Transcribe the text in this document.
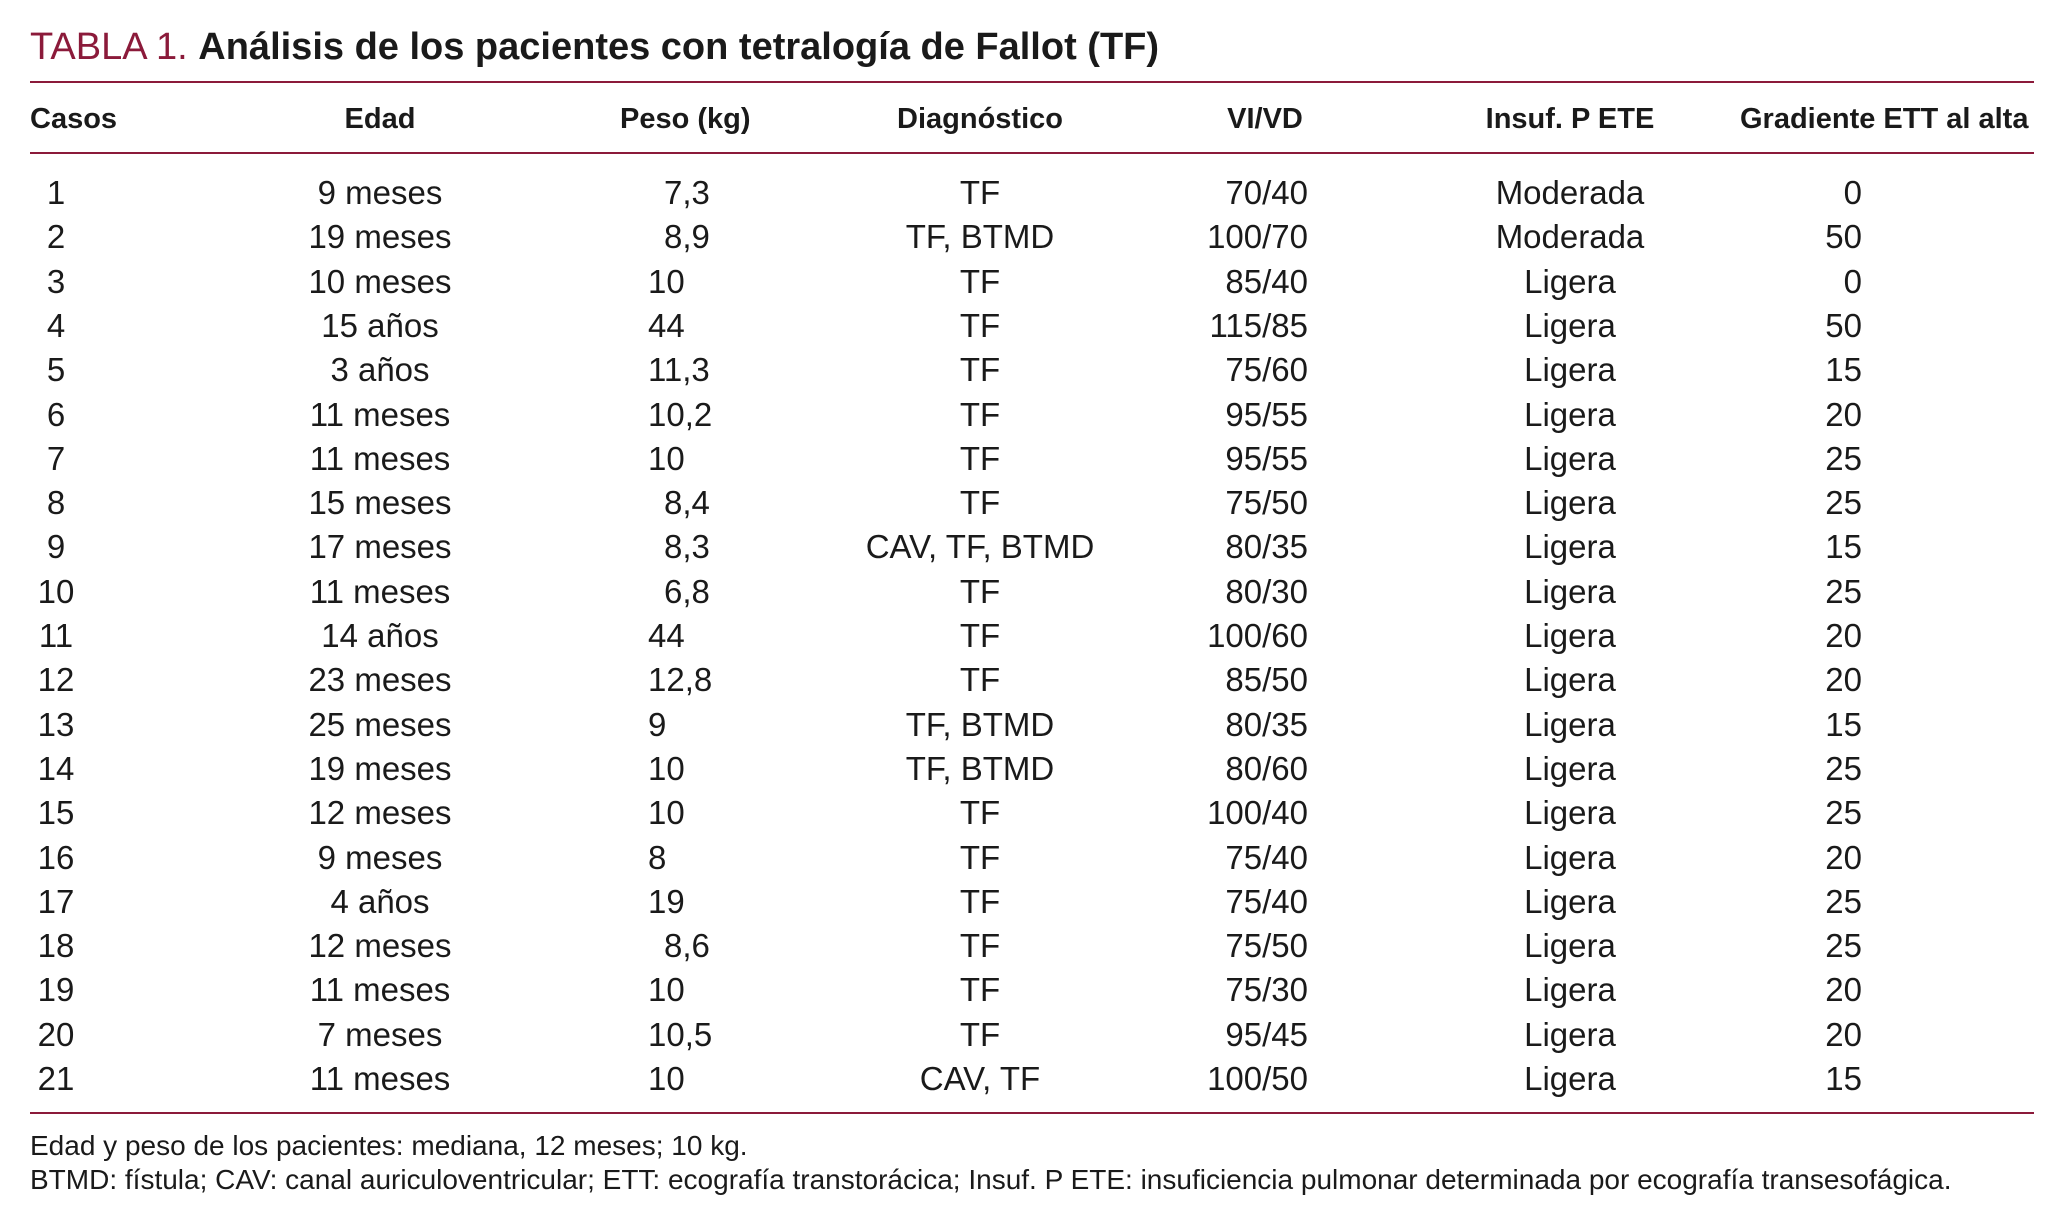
TABLA 1. Análisis de los pacientes con tetralogía de Fallot (TF)
Casos	Edad	Peso (kg)	Diagnóstico	VI/VD	Insuf. P ETE	Gradiente ETT al alta
1	9 meses	7,3	TF	70/40	Moderada	0
2	19 meses	8,9	TF, BTMD	100/70	Moderada	50
3	10 meses	10	TF	85/40	Ligera	0
4	15 años	44	TF	115/85	Ligera	50
5	3 años	11,3	TF	75/60	Ligera	15
6	11 meses	10,2	TF	95/55	Ligera	20
7	11 meses	10	TF	95/55	Ligera	25
8	15 meses	8,4	TF	75/50	Ligera	25
9	17 meses	8,3	CAV, TF, BTMD	80/35	Ligera	15
10	11 meses	6,8	TF	80/30	Ligera	25
11	14 años	44	TF	100/60	Ligera	20
12	23 meses	12,8	TF	85/50	Ligera	20
13	25 meses	9	TF, BTMD	80/35	Ligera	15
14	19 meses	10	TF, BTMD	80/60	Ligera	25
15	12 meses	10	TF	100/40	Ligera	25
16	9 meses	8	TF	75/40	Ligera	20
17	4 años	19	TF	75/40	Ligera	25
18	12 meses	8,6	TF	75/50	Ligera	25
19	11 meses	10	TF	75/30	Ligera	20
20	7 meses	10,5	TF	95/45	Ligera	20
21	11 meses	10	CAV, TF	100/50	Ligera	15
Edad y peso de los pacientes: mediana, 12 meses; 10 kg.
BTMD: fístula; CAV: canal auriculoventricular; ETT: ecografía transtorácica; Insuf. P ETE: insuficiencia pulmonar determinada por ecografía transesofágica.
